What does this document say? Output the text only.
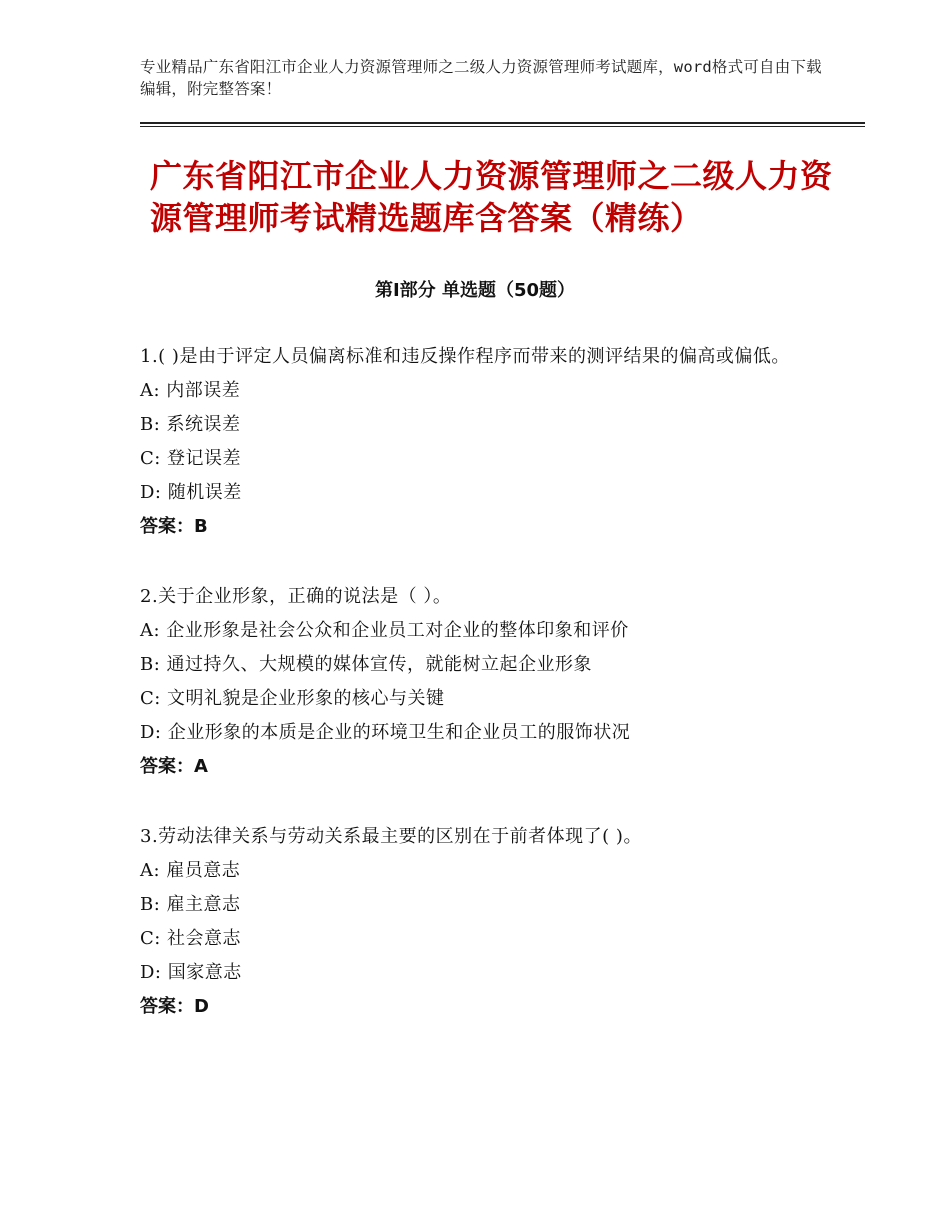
专业精品广东省阳江市企业人力资源管理师之二级人力资源管理师考试题库，word格式可自由下载编辑，附完整答案！
广东省阳江市企业人力资源管理师之二级人力资源管理师考试精选题库含答案（精练）
第Ⅰ部分 单选题（50题）
1.( )是由于评定人员偏离标准和违反操作程序而带来的测评结果的偏高或偏低。
A: 内部误差
B: 系统误差
C: 登记误差
D: 随机误差
答案：B
2.关于企业形象，正确的说法是（ ）。
A: 企业形象是社会公众和企业员工对企业的整体印象和评价
B: 通过持久、大规模的媒体宣传，就能树立起企业形象
C: 文明礼貌是企业形象的核心与关键
D: 企业形象的本质是企业的环境卫生和企业员工的服饰状况
答案：A
3.劳动法律关系与劳动关系最主要的区别在于前者体现了( )。
A: 雇员意志
B: 雇主意志
C: 社会意志
D: 国家意志
答案：D
